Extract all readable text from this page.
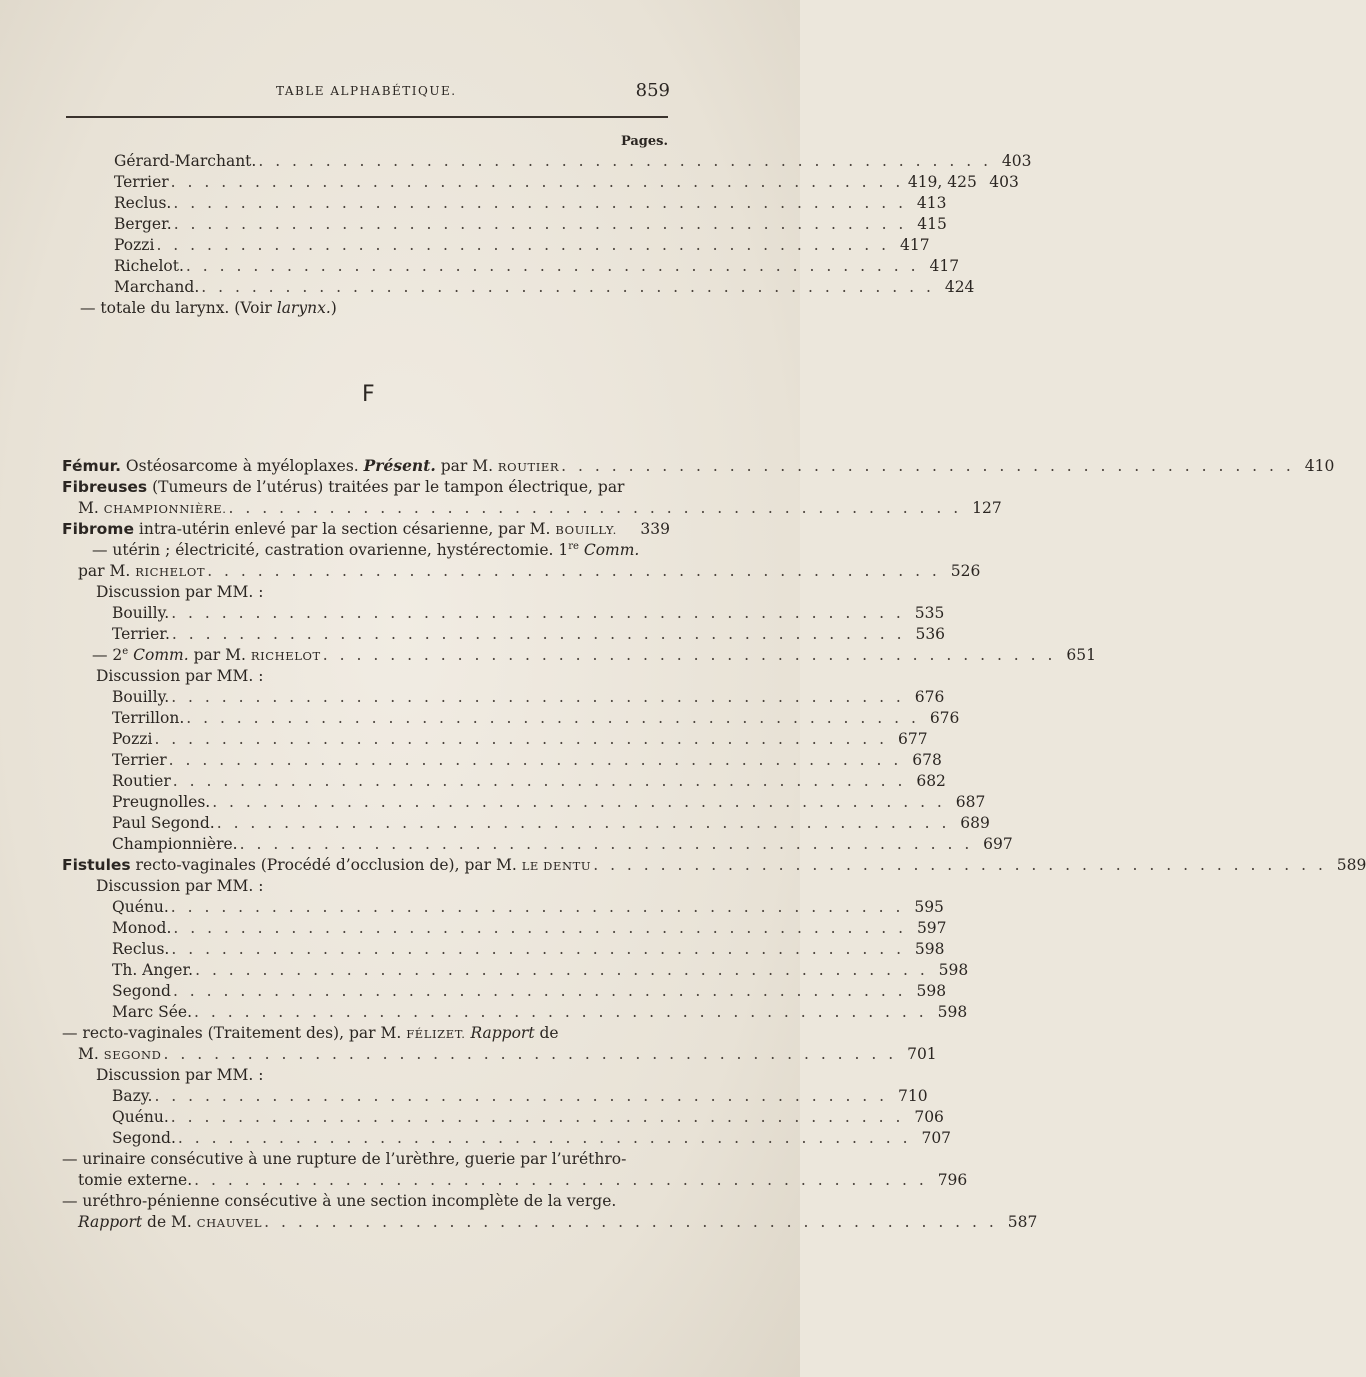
TABLE ALPHABÉTIQUE.	859
Pages.
Gérard-Marchant. . . . . . . . . . . . . . . . . . . . . . . . . . . . . . . . . . . . . . . . . . . . . 403
Terrier . . . . . . . . . . . . . . . . . . . . . . . . . . . . . . . . . . . . . . . . . . . . 419, 425 403
Reclus. . . . . . . . . . . . . . . . . . . . . . . . . . . . . . . . . . . . . . . . . . . . . 413
Berger. . . . . . . . . . . . . . . . . . . . . . . . . . . . . . . . . . . . . . . . . . . . . 415
Pozzi . . . . . . . . . . . . . . . . . . . . . . . . . . . . . . . . . . . . . . . . . . . . 417
Richelot. . . . . . . . . . . . . . . . . . . . . . . . . . . . . . . . . . . . . . . . . . . . . 417
Marchand. . . . . . . . . . . . . . . . . . . . . . . . . . . . . . . . . . . . . . . . . . . . . 424
— totale du larynx. (Voir larynx.)
F
Fémur. Ostéosarcome à myéloplaxes. Présent. par M. ROUTIER . . . . . . . . . . . . . . . . . . . . . . . . . . . . . . . . . . . . . . . . . . . . 410
Fibreuses (Tumeurs de l’utérus) traitées par le tampon électrique, par
M. CHAMPIONNIÈRE. . . . . . . . . . . . . . . . . . . . . . . . . . . . . . . . . . . . . . . . . . . . . 127
Fibrome intra-utérin enlevé par la section césarienne, par M. BOUILLY.	339
— utérin ; électricité, castration ovarienne, hystérectomie. 1re Comm.
par M. RICHELOT . . . . . . . . . . . . . . . . . . . . . . . . . . . . . . . . . . . . . . . . . . . . 526
Discussion par MM. :
Bouilly. . . . . . . . . . . . . . . . . . . . . . . . . . . . . . . . . . . . . . . . . . . . . 535
Terrier. . . . . . . . . . . . . . . . . . . . . . . . . . . . . . . . . . . . . . . . . . . . . 536
— 2e Comm. par M. RICHELOT . . . . . . . . . . . . . . . . . . . . . . . . . . . . . . . . . . . . . . . . . . . . 651
Discussion par MM. :
Bouilly. . . . . . . . . . . . . . . . . . . . . . . . . . . . . . . . . . . . . . . . . . . . . 676
Terrillon. . . . . . . . . . . . . . . . . . . . . . . . . . . . . . . . . . . . . . . . . . . . . 676
Pozzi . . . . . . . . . . . . . . . . . . . . . . . . . . . . . . . . . . . . . . . . . . . . 677
Terrier . . . . . . . . . . . . . . . . . . . . . . . . . . . . . . . . . . . . . . . . . . . . 678
Routier . . . . . . . . . . . . . . . . . . . . . . . . . . . . . . . . . . . . . . . . . . . . 682
Preugnolles. . . . . . . . . . . . . . . . . . . . . . . . . . . . . . . . . . . . . . . . . . . . . 687
Paul Segond. . . . . . . . . . . . . . . . . . . . . . . . . . . . . . . . . . . . . . . . . . . . . 689
Championnière. . . . . . . . . . . . . . . . . . . . . . . . . . . . . . . . . . . . . . . . . . . . . 697
Fistules recto-vaginales (Procédé d’occlusion de), par M. LE DENTU . . . . . . . . . . . . . . . . . . . . . . . . . . . . . . . . . . . . . . . . . . . . 589
Discussion par MM. :
Quénu. . . . . . . . . . . . . . . . . . . . . . . . . . . . . . . . . . . . . . . . . . . . . 595
Monod. . . . . . . . . . . . . . . . . . . . . . . . . . . . . . . . . . . . . . . . . . . . . 597
Reclus. . . . . . . . . . . . . . . . . . . . . . . . . . . . . . . . . . . . . . . . . . . . . 598
Th. Anger. . . . . . . . . . . . . . . . . . . . . . . . . . . . . . . . . . . . . . . . . . . . . 598
Segond . . . . . . . . . . . . . . . . . . . . . . . . . . . . . . . . . . . . . . . . . . . . 598
Marc Sée. . . . . . . . . . . . . . . . . . . . . . . . . . . . . . . . . . . . . . . . . . . . . 598
— recto-vaginales (Traitement des), par M. FÉLIZET. Rapport de
M. SEGOND . . . . . . . . . . . . . . . . . . . . . . . . . . . . . . . . . . . . . . . . . . . . 701
Discussion par MM. :
Bazy. . . . . . . . . . . . . . . . . . . . . . . . . . . . . . . . . . . . . . . . . . . . . 710
Quénu. . . . . . . . . . . . . . . . . . . . . . . . . . . . . . . . . . . . . . . . . . . . . 706
Segond. . . . . . . . . . . . . . . . . . . . . . . . . . . . . . . . . . . . . . . . . . . . . 707
— urinaire consécutive à une rupture de l’urèthre, guerie par l’uréthro-
tomie externe. . . . . . . . . . . . . . . . . . . . . . . . . . . . . . . . . . . . . . . . . . . . . 796
— uréthro-pénienne consécutive à une section incomplète de la verge.
Rapport de M. CHAUVEL . . . . . . . . . . . . . . . . . . . . . . . . . . . . . . . . . . . . . . . . . . . . 587
